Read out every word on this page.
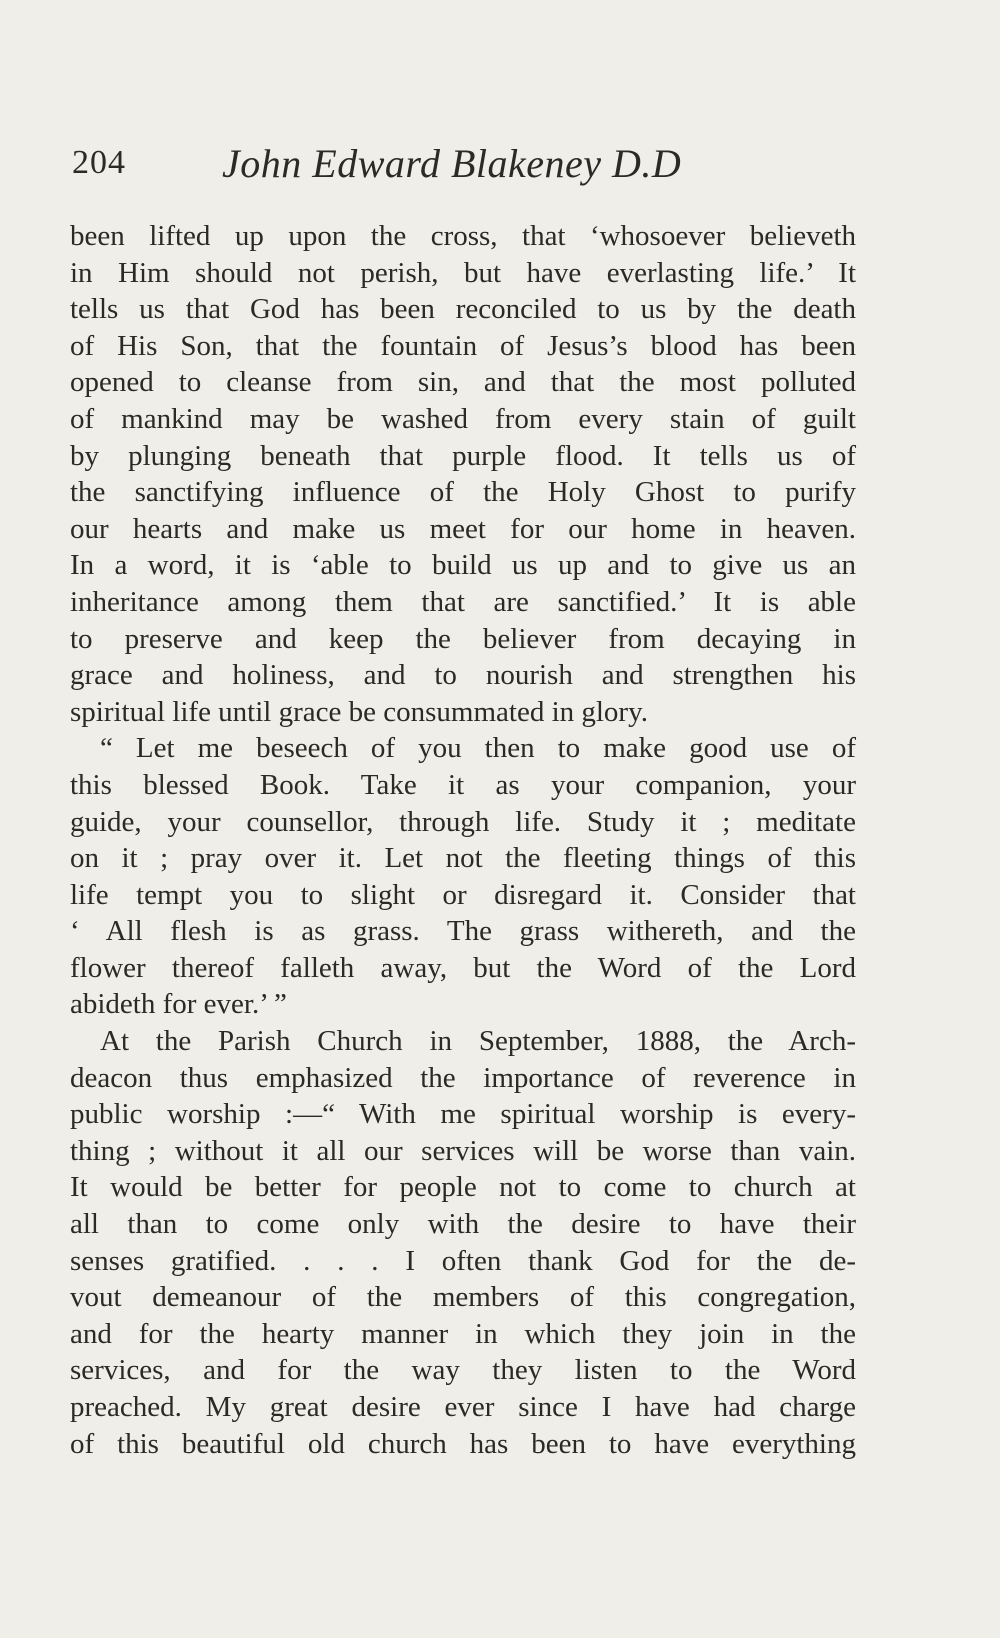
204 John Edward Blakeney D.D
been lifted up upon the cross, that ‘whosoever believeth
in Him should not perish, but have everlasting life.’ It
tells us that God has been reconciled to us by the death
of His Son, that the fountain of Jesus’s blood has been
opened to cleanse from sin, and that the most polluted
of mankind may be washed from every stain of guilt
by plunging beneath that purple flood. It tells us of
the sanctifying influence of the Holy Ghost to purify
our hearts and make us meet for our home in heaven.
In a word, it is ‘able to build us up and to give us an
inheritance among them that are sanctified.’ It is able
to preserve and keep the believer from decaying in
grace and holiness, and to nourish and strengthen his
spiritual life until grace be consummated in glory.
“ Let me beseech of you then to make good use of
this blessed Book. Take it as your companion, your
guide, your counsellor, through life. Study it ; meditate
on it ; pray over it. Let not the fleeting things of this
life tempt you to slight or disregard it. Consider that
‘ All flesh is as grass. The grass withereth, and the
flower thereof falleth away, but the Word of the Lord
abideth for ever.’ ”
At the Parish Church in September, 1888, the Arch-
deacon thus emphasized the importance of reverence in
public worship :—“ With me spiritual worship is every-
thing ; without it all our services will be worse than vain.
It would be better for people not to come to church at
all than to come only with the desire to have their
senses gratified. . . . I often thank God for the de-
vout demeanour of the members of this congregation,
and for the hearty manner in which they join in the
services, and for the way they listen to the Word
preached. My great desire ever since I have had charge
of this beautiful old church has been to have everything
